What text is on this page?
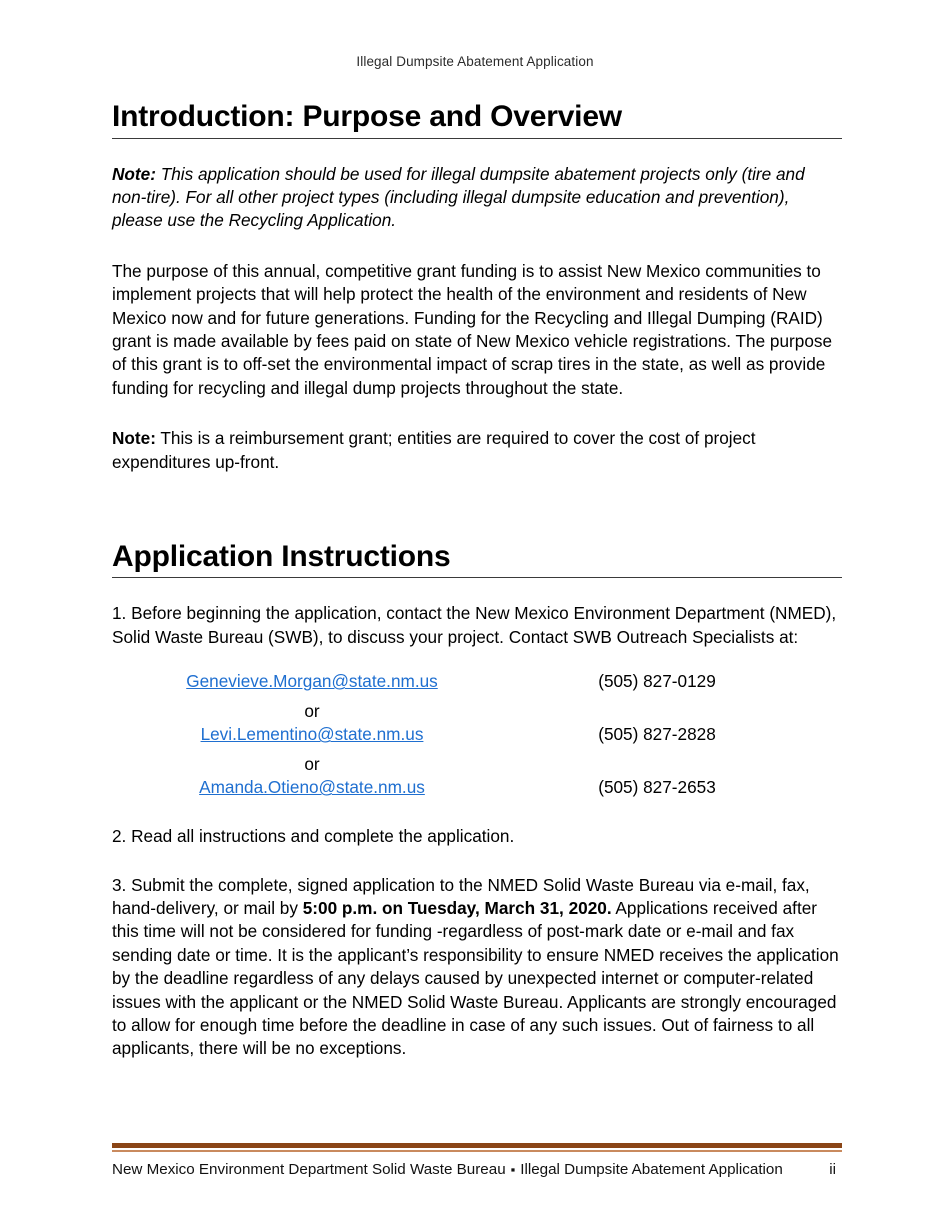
Illegal Dumpsite Abatement Application
Introduction: Purpose and Overview

Note: This application should be used for illegal dumpsite abatement projects only (tire and non-tire). For all other project types (including illegal dumpsite education and prevention), please use the Recycling Application.

The purpose of this annual, competitive grant funding is to assist New Mexico communities to implement projects that will help protect the health of the environment and residents of New Mexico now and for future generations. Funding for the Recycling and Illegal Dumping (RAID) grant is made available by fees paid on state of New Mexico vehicle registrations. The purpose of this grant is to off-set the environmental impact of scrap tires in the state, as well as provide funding for recycling and illegal dump projects throughout the state.

Note: This is a reimbursement grant; entities are required to cover the cost of project expenditures up-front.

Application Instructions

1. Before beginning the application, contact the New Mexico Environment Department (NMED), Solid Waste Bureau (SWB), to discuss your project. Contact SWB Outreach Specialists at:

Genevieve.Morgan@state.nm.us	(505) 827-0129
or
Levi.Lementino@state.nm.us	(505) 827-2828
or
Amanda.Otieno@state.nm.us	(505) 827-2653

2. Read all instructions and complete the application.

3. Submit the complete, signed application to the NMED Solid Waste Bureau via e-mail, fax, hand-delivery, or mail by 5:00 p.m. on Tuesday, March 31, 2020. Applications received after this time will not be considered for funding -regardless of post-mark date or e-mail and fax sending date or time. It is the applicant’s responsibility to ensure NMED receives the application by the deadline regardless of any delays caused by unexpected internet or computer-related issues with the applicant or the NMED Solid Waste Bureau. Applicants are strongly encouraged to allow for enough time before the deadline in case of any such issues. Out of fairness to all applicants, there will be no exceptions.

New Mexico Environment Department Solid Waste Bureau ▪ Illegal Dumpsite Abatement Application	ii
